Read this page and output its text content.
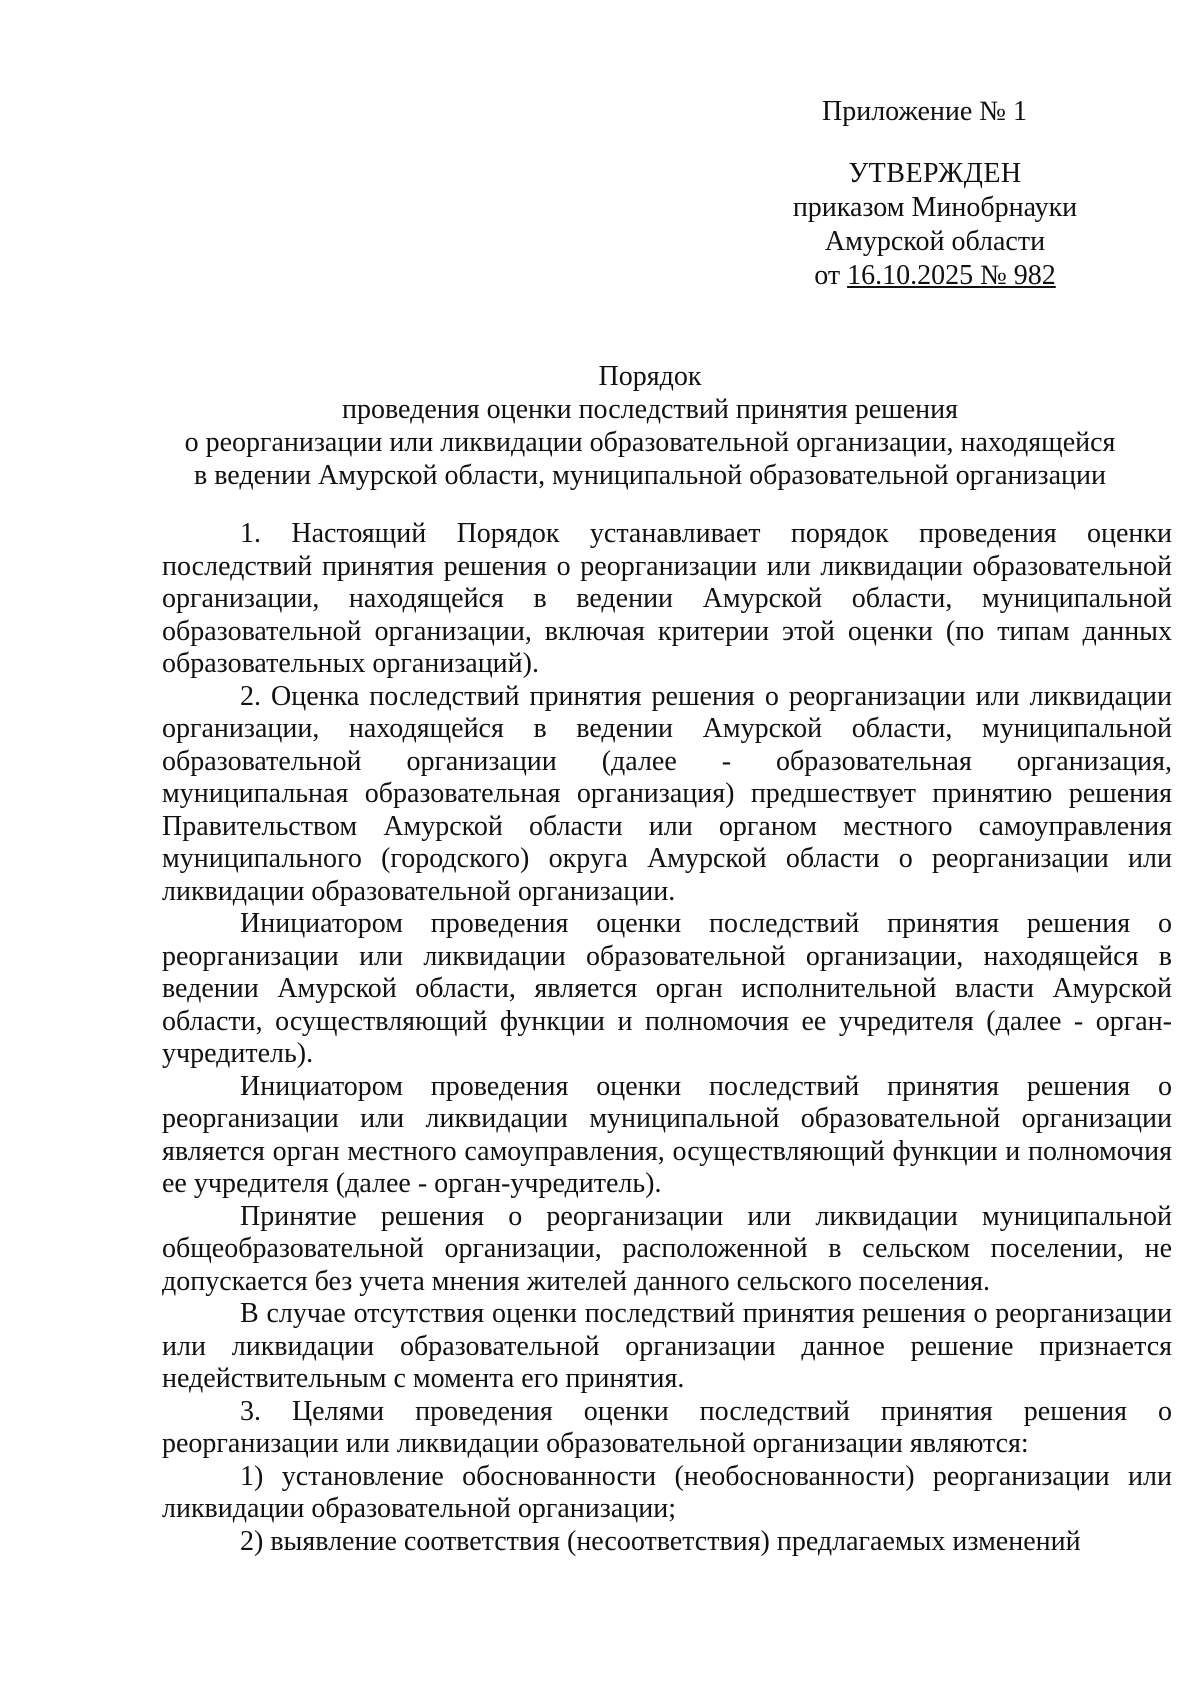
Приложение № 1
УТВЕРЖДЕН
приказом Минобрнауки
Амурской области
от 16.10.2025 № 982
Порядок
проведения оценки последствий принятия решения
о реорганизации или ликвидации образовательной организации, находящейся
в ведении Амурской области, муниципальной образовательной организации

1. Настоящий Порядок устанавливает порядок проведения оценки последствий принятия решения о реорганизации или ликвидации образовательной организации, находящейся в ведении Амурской области, муниципальной образовательной организации, включая критерии этой оценки (по типам данных образовательных организаций).

2. Оценка последствий принятия решения о реорганизации или ликвидации организации, находящейся в ведении Амурской области, муниципальной образовательной организации (далее - образовательная организация, муниципальная образовательная организация) предшествует принятию решения Правительством Амурской области или органом местного самоуправления муниципального (городского) округа Амурской области о реорганизации или ликвидации образовательной организации.

Инициатором проведения оценки последствий принятия решения о реорганизации или ликвидации образовательной организации, находящейся в ведении Амурской области, является орган исполнительной власти Амурской области, осуществляющий функции и полномочия ее учредителя (далее - орган-учредитель).

Инициатором проведения оценки последствий принятия решения о реорганизации или ликвидации муниципальной образовательной организации является орган местного самоуправления, осуществляющий функции и полномочия ее учредителя (далее - орган-учредитель).

Принятие решения о реорганизации или ликвидации муниципальной общеобразовательной организации, расположенной в сельском поселении, не допускается без учета мнения жителей данного сельского поселения.

В случае отсутствия оценки последствий принятия решения о реорганизации или ликвидации образовательной организации данное решение признается недействительным с момента его принятия.

3. Целями проведения оценки последствий принятия решения о реорганизации или ликвидации образовательной организации являются:

1) установление обоснованности (необоснованности) реорганизации или ликвидации образовательной организации;

2) выявление соответствия (несоответствия) предлагаемых изменений
